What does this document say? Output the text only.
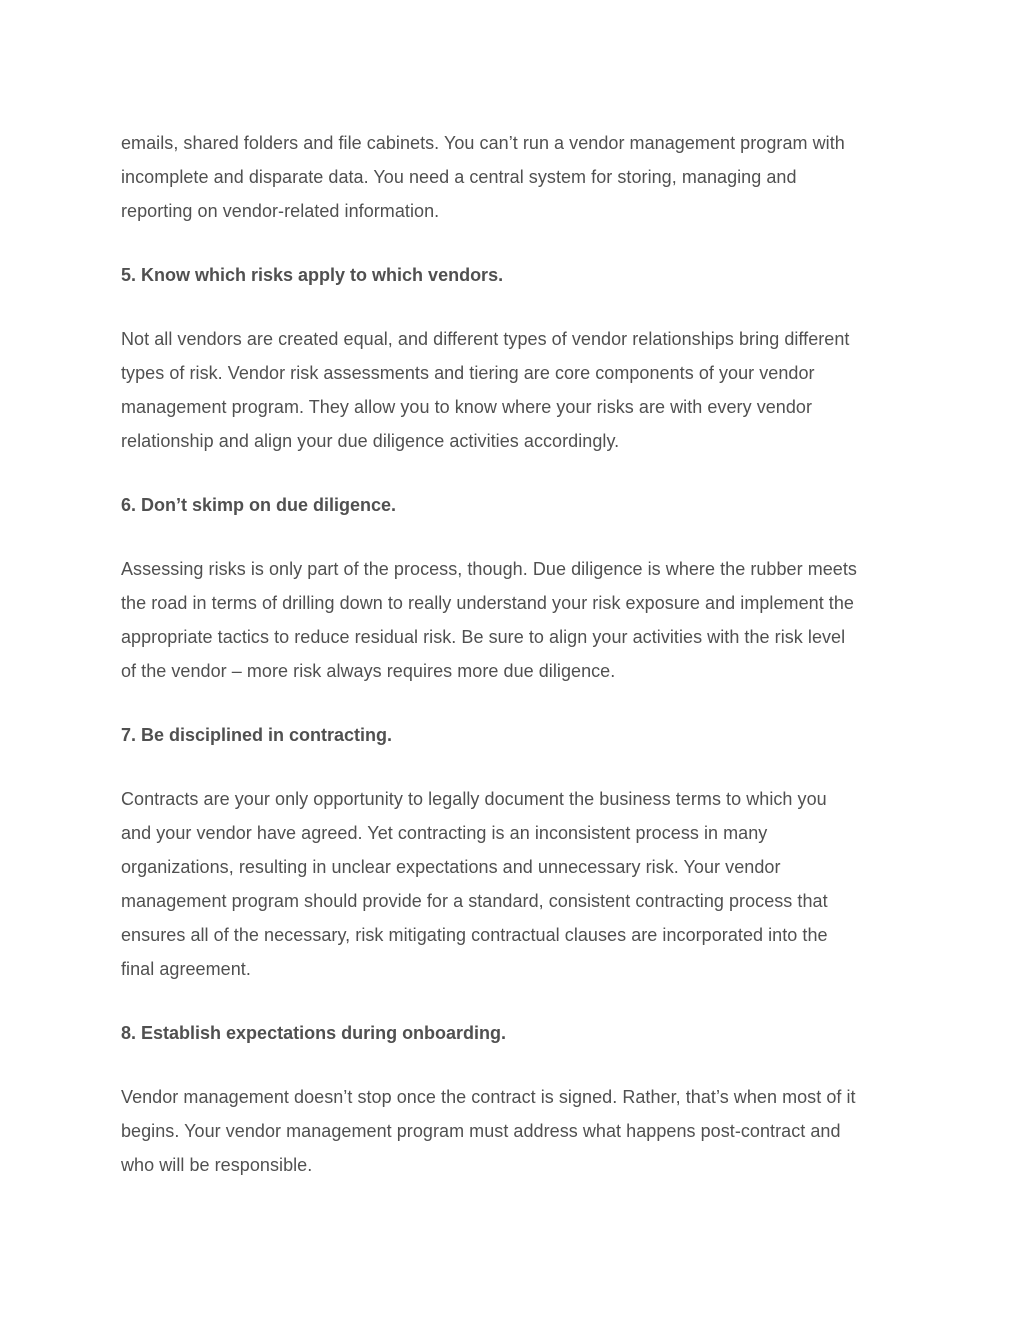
emails, shared folders and file cabinets. You can’t run a vendor management program with
incomplete and disparate data. You need a central system for storing, managing and
reporting on vendor-related information.

5. Know which risks apply to which vendors.

Not all vendors are created equal, and different types of vendor relationships bring different
types of risk. Vendor risk assessments and tiering are core components of your vendor
management program. They allow you to know where your risks are with every vendor
relationship and align your due diligence activities accordingly.

6. Don’t skimp on due diligence.

Assessing risks is only part of the process, though. Due diligence is where the rubber meets
the road in terms of drilling down to really understand your risk exposure and implement the
appropriate tactics to reduce residual risk. Be sure to align your activities with the risk level
of the vendor – more risk always requires more due diligence.

7. Be disciplined in contracting.

Contracts are your only opportunity to legally document the business terms to which you
and your vendor have agreed. Yet contracting is an inconsistent process in many
organizations, resulting in unclear expectations and unnecessary risk. Your vendor
management program should provide for a standard, consistent contracting process that
ensures all of the necessary, risk mitigating contractual clauses are incorporated into the
final agreement.

8. Establish expectations during onboarding.

Vendor management doesn’t stop once the contract is signed. Rather, that’s when most of it
begins. Your vendor management program must address what happens post-contract and
who will be responsible.
